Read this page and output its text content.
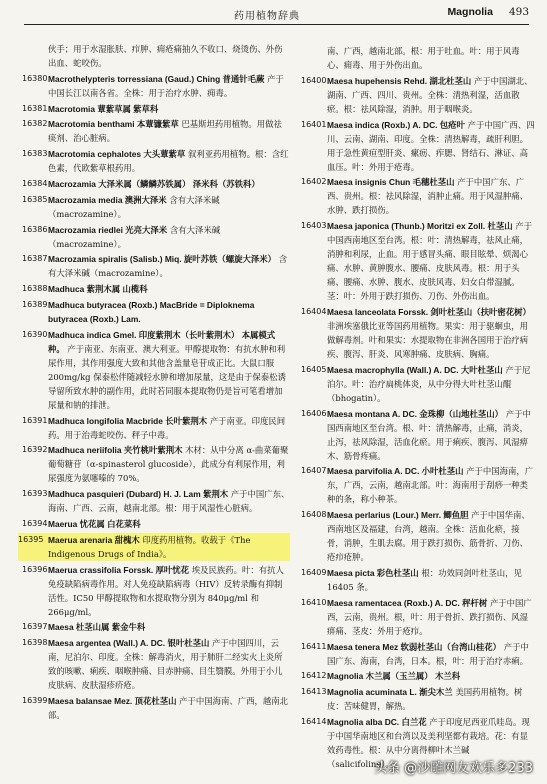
药用植物辞典	Magnolia 493
伙手；用于水湿胀肤、疖肿、痈疮痛抽久不收口、烧烫伤、外伤出血、蛇咬伤。
16380 Macrothelypteris torressiana (Gaud.) Ching 普通针毛蕨 产于中国长江以南各省。全株：用于治疗水肿、痈毒。
16381 Macrotomia 蕈紫草属 紫草科
16382 Macrotomia benthami 本蕈镰紫草 巴基斯坦药用植物。用做祛痰剂、治心脏病。
16383 Macrotomia cephalotes 大头蕈紫草 叙利亚药用植物。根：含红色素，代欧紫草根药用。
16384 Macrozamia 大泽米属（鳞鳞苏铁属） 泽米科（苏铁科）
16385 Macrozamia media 澳洲大泽米 含有大泽米碱（macrozamine）。
16386 Macrozamia riedlei 光亮大泽米 含有大泽米碱（macrozamine）。
16387 Macrozamia spiralis (Salisb.) Miq. 旋叶苏铁（螺旋大泽米） 含有大泽米碱（macrozamine）。
16388 Madhuca 紫荆木属 山榄科
16389 Madhuca butyracea (Roxb.) MacBride = Diploknema butyracea (Roxb.) Lam.
16390 Madhuca indica Gmel. 印度紫荆木（长叶紫荆木） 本属模式种。 产于南亚、东南亚、澳大利亚。甲醇提取物：有抗水肿和利尿作用，其作用强度大致和其他含盖量皂苷成正比。大鼠口服 200mg/kg 保泰松伴随减轻水肿和增加尿量，这是由于保泰松诱导留所致水肿的副作用，此时若同服本提取物仍是旨可笔看增加尿量和钠的排泄。
16391 Madhuca longifolia Macbride 长叶紫荆木 产于南亚。印度民间药。用于治毒蛇咬伤、秤子中毒。
16392 Madhuca neriifolia 夹竹桃叶紫荆木 木材：从中分离 α-曲菜葡聚葡萄糖苷（α-spinasterol glucoside），此成分有利尿作用，利尿强度为氨噻嗪的 70%。
16393 Madhuca pasquieri (Dubard) H. J. Lam 紫荆木 产于中国广东、海南、广西、云南，越南北部。根：用于风湿性心脏病。
16394 Maerua 忧花属 白花菜科
16395 Maerua arenaria 甜槐木 印度药用植物。收载于《The Indigenous Drugs of India》。
16396 Maerua crassifolia Forssk. 厚叶忧花 埃及民族药。叶：有抗人免疫缺陷病毒作用。对人免疫缺陷病毒（HIV）反转录酶有抑制活性。IC50 甲醇提取物和水提取物分别为 840μg/ml 和 266μg/ml。
16397 Maesa 杜茎山属 紫金牛科
16398 Maesa argentea (Wall.) A. DC. 银叶杜茎山 产于中国四川，云南，尼泊尔、印度。全株：解毒消火，用于肺肝二经实火上炎所致的咳嗽、痢疾、咽喉肿痛、目赤肿痛、目生翳膜。外用于小儿皮肤病、皮肤湿疹疥疮。
16399 Maesa balansae Mez. 顶花杜茎山 产于中国海南、广西，越南北部。
南、广西，越南北部。根：用于吐血。叶：用于风毒心、痈毒、用于外伤出血。
16400 Maesa hupehensis Rehd. 湖北杜茎山 产于中国湖北、湖南、广西、四川、贵州。全株：清热利湿，活血散瘀。根：祛风除湿，消肿。用于咽喉炎。
16401 Maesa indica (Roxb.) A. DC. 包疮叶 产于中国广西、四川、云南、湖南、印度。全株：清热解毒，疏肝利胆。用于急性黄疸型肝炎、瘰疬、痄腮、肾结石、淋证、高血压。叶：外用于疮毒。
16402 Maesa insignis Chun 毛穗杜茎山 产于中国广东、广西、贵州。根：祛风除湿，消肿止痛。用于风湿肿痛、水肿、跌打损伤。
16403 Maesa japonica (Thunb.) Moritzi ex Zoll. 杜茎山 产于中国西南地区至台湾。根：叶：清热解毒，祛风止痛，消肿和利尿，止血。用于感冒头痛、眼目眩晕、烦渴心痛、水肿、黄肿腹水、腰痛、皮肤风毒。根：用于头痛、腰痛、水肿、腹水、皮肤风毒、妇女白带湿腻。茎：叶：外用于跌打损伤、刀伤、外伤出血。
16404 Maesa lanceolata Forssk. 剑叶杜茎山（扶叶密花树） 非洲埃塞俄比亚等国药用植物。果实：用于驱蛔虫，用做解毒剂。叶和果实：水提取物在非洲各国用于治疗病疾、腹泻、肝炎、风寒肿痛、皮肤病、胸痛。
16405 Maesa macrophylla (Wall.) A. DC. 大叶杜茎山 产于尼泊尔。叶：治疗扁桃体炎，从中分得大叶杜茎山醌（bhogatin）。
16406 Maesa montana A. DC. 金珠柳（山地杜茎山） 产于中国西南地区至台湾。根、叶：清热解毒，止痛，消炎，止泻，祛风除湿，活血化瘀。用于痢疾、腹泻、风湿痹木、筋骨疼痛。
16407 Maesa parvifolia A. DC. 小叶杜茎山 产于中国海南，广东，广西，云南，越南北部。叶：海南用于刮痧一种类种的条，称小种茶。
16408 Maesa perlarius (Lour.) Merr. 鲫鱼胆 产于中国华南、西南地区及福建，台湾，越南。全株：活血化瘀，接骨，消肿，生肌去腐。用于跌打损伤、筋骨折、刀伤、疮疖疮肿。
16409 Maesa picta 彩色杜茎山 根：功效同剑叶杜茎山，见 16405 条。
16410 Maesa ramentacea (Roxb.) A. DC. 秤杆树 产于中国广西，云南，贵州。根，叶：用于骨折、跌打损伤、风湿痹痛、茎皮：外用于疮疖。
16411 Maesa tenera Mez 软弱杜茎山（台湾山桂花） 产于中国广东、海南，台湾，日本。根，叶：用于治疗赤痢。
16412 Magnolia 木兰属（玉兰属） 木兰科
16413 Magnolia acuminata L. 渐尖木兰 美国药用植物。树皮：苦味健胃，解热。
16414 Magnolia alba DC. 白兰花 产于印度尼西亚爪哇岛。现于中国华南地区和台湾以及美利坚都有栽培。花：有显效药毒性。根：从中分离得柳叶木兰碱（salicifoline）。
头条 @沙雕网友欢乐多233
